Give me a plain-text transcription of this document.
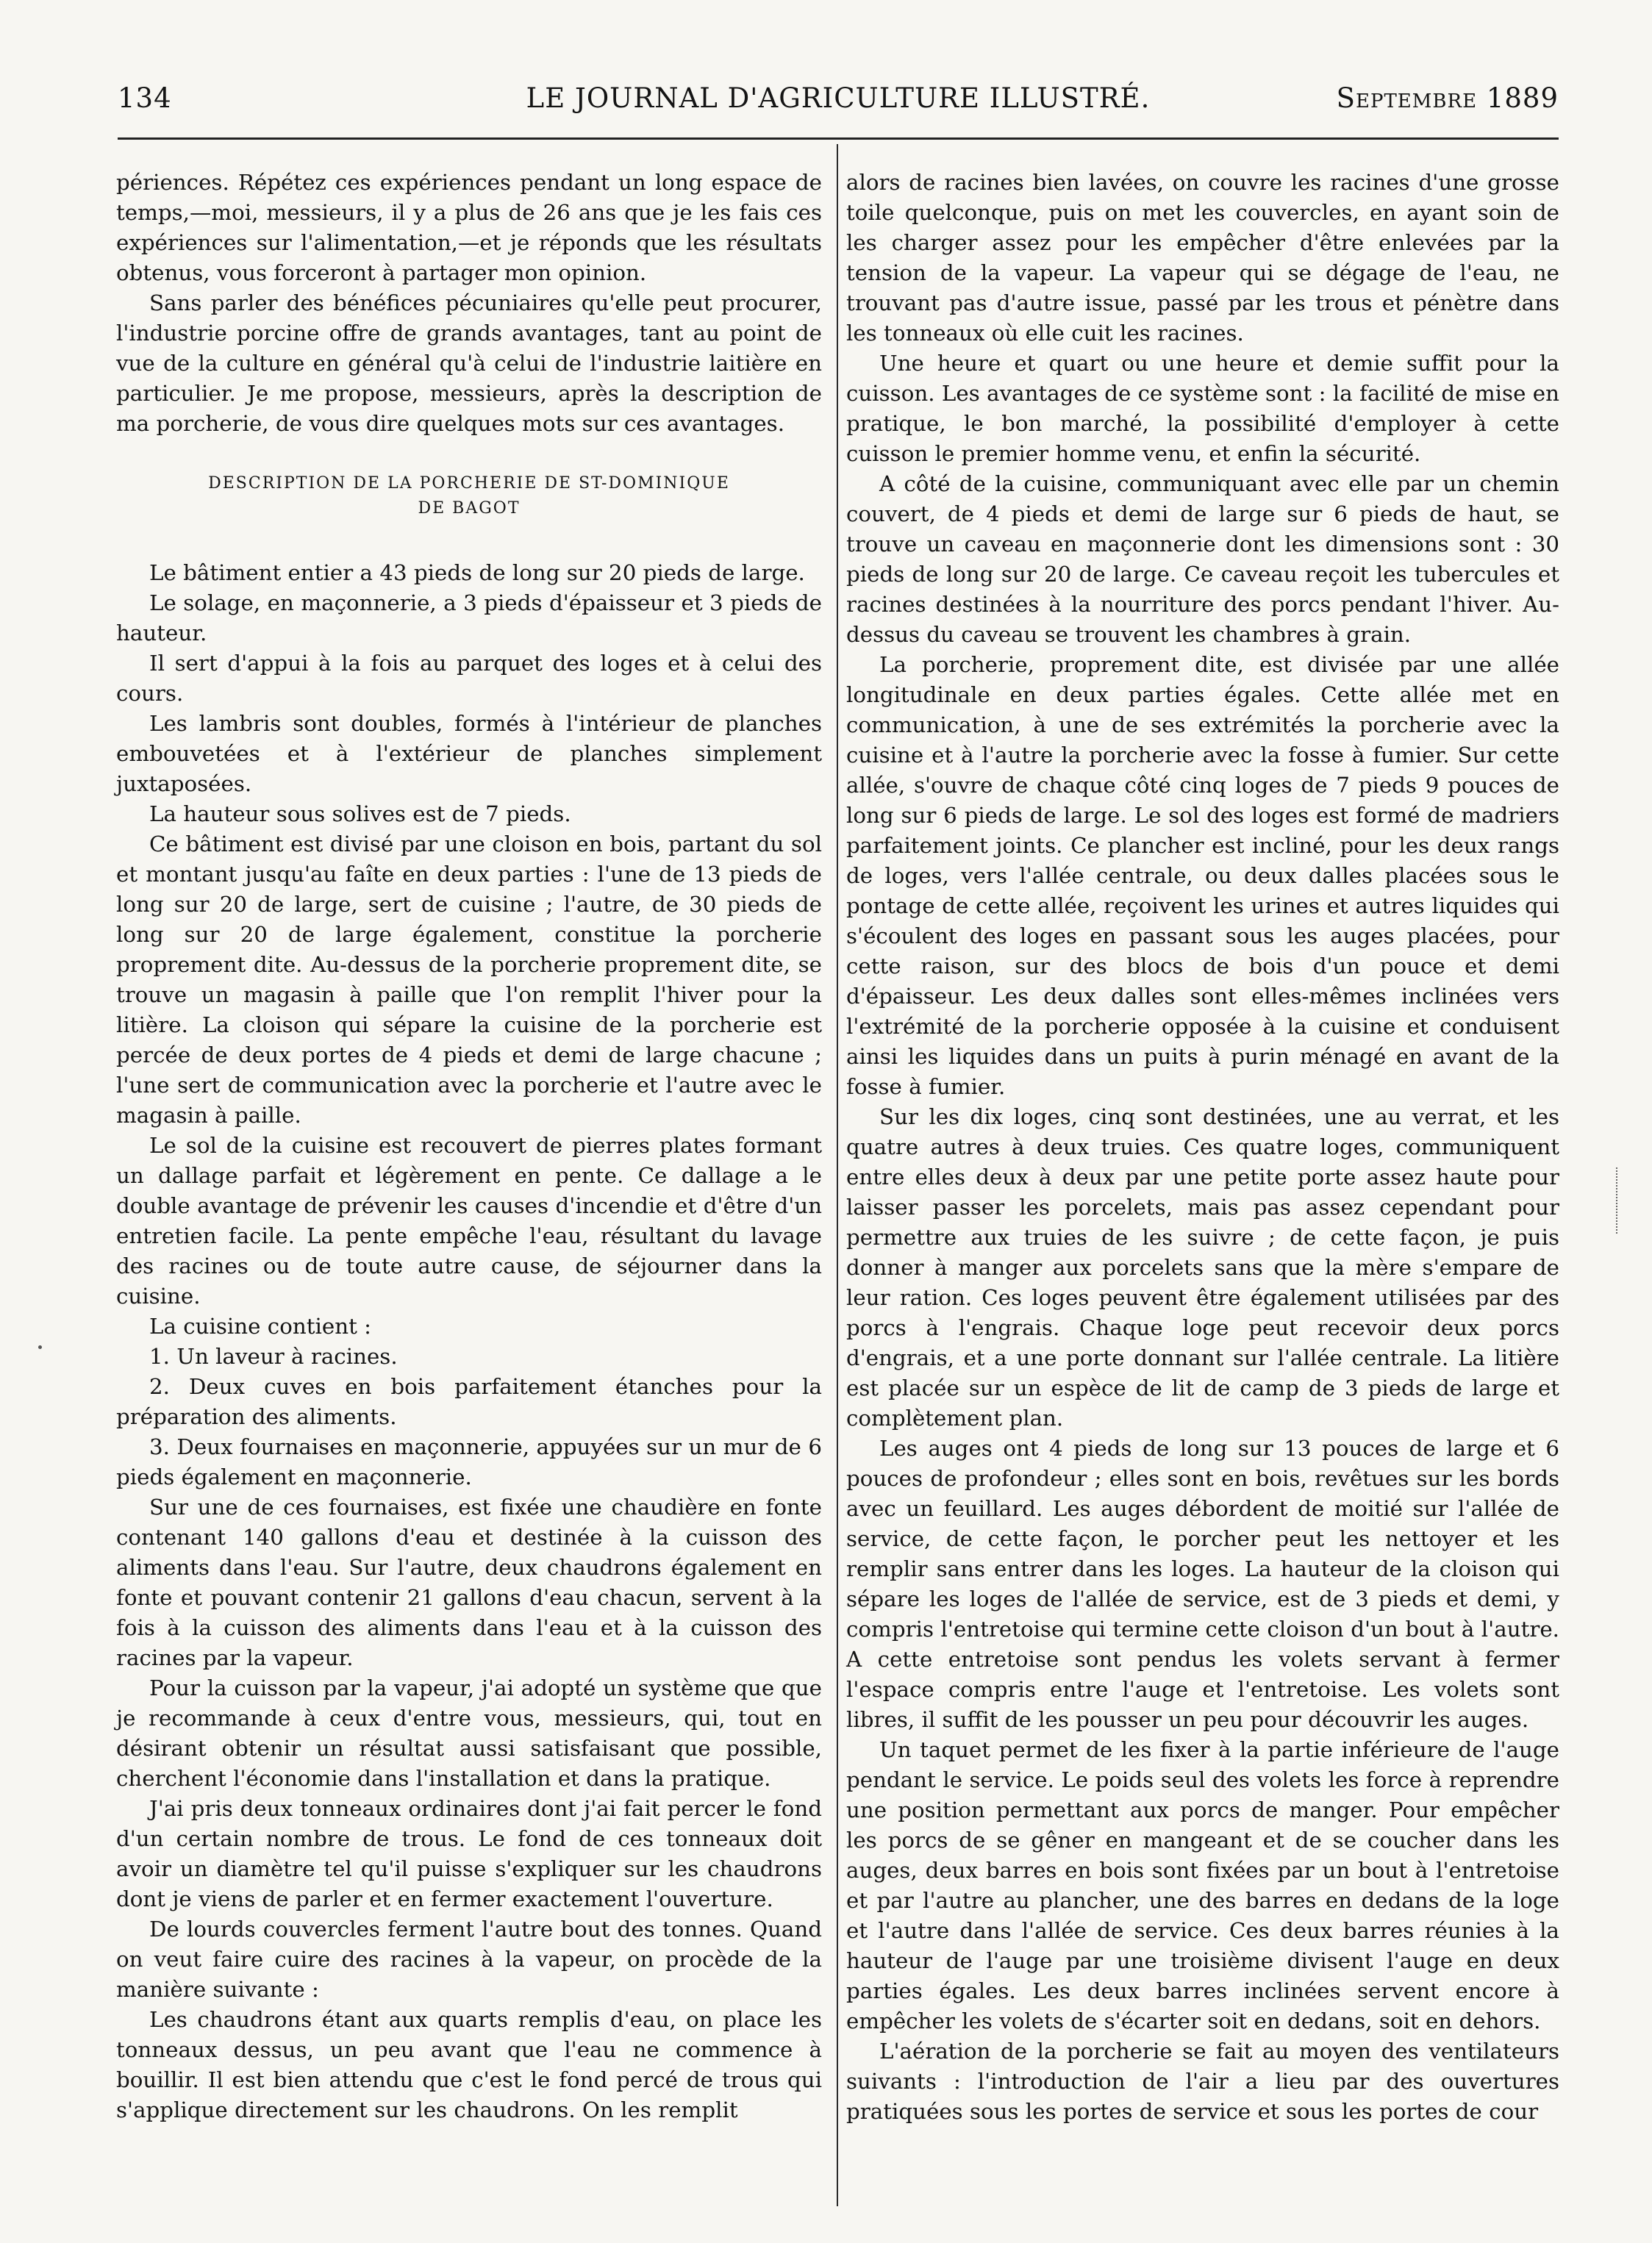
134	LE JOURNAL D'AGRICULTURE ILLUSTRÉ.	Septembre 1889

périences. Répétez ces expériences pendant un long espace de temps,—moi, messieurs, il y a plus de 26 ans que je les fais ces expériences sur l'alimentation,—et je réponds que les résultats obtenus, vous forceront à partager mon opinion.

Sans parler des bénéfices pécuniaires qu'elle peut procurer, l'industrie porcine offre de grands avantages, tant au point de vue de la culture en général qu'à celui de l'industrie laitière en particulier. Je me propose, messieurs, après la description de ma porcherie, de vous dire quelques mots sur ces avantages.

DESCRIPTION DE LA PORCHERIE DE ST-DOMINIQUE
DE BAGOT

Le bâtiment entier a 43 pieds de long sur 20 pieds de large.

Le solage, en maçonnerie, a 3 pieds d'épaisseur et 3 pieds de hauteur.

Il sert d'appui à la fois au parquet des loges et à celui des cours.

Les lambris sont doubles, formés à l'intérieur de planches embouvetées et à l'extérieur de planches simplement juxtaposées.

La hauteur sous solives est de 7 pieds.

Ce bâtiment est divisé par une cloison en bois, partant du sol et montant jusqu'au faîte en deux parties : l'une de 13 pieds de long sur 20 de large, sert de cuisine ; l'autre, de 30 pieds de long sur 20 de large également, constitue la porcherie proprement dite. Au-dessus de la porcherie proprement dite, se trouve un magasin à paille que l'on remplit l'hiver pour la litière. La cloison qui sépare la cuisine de la porcherie est percée de deux portes de 4 pieds et demi de large chacune ; l'une sert de communication avec la porcherie et l'autre avec le magasin à paille.

Le sol de la cuisine est recouvert de pierres plates formant un dallage parfait et légèrement en pente. Ce dallage a le double avantage de prévenir les causes d'incendie et d'être d'un entretien facile. La pente empêche l'eau, résultant du lavage des racines ou de toute autre cause, de séjourner dans la cuisine.

La cuisine contient :

1. Un laveur à racines.

2. Deux cuves en bois parfaitement étanches pour la préparation des aliments.

3. Deux fournaises en maçonnerie, appuyées sur un mur de 6 pieds également en maçonnerie.

Sur une de ces fournaises, est fixée une chaudière en fonte contenant 140 gallons d'eau et destinée à la cuisson des aliments dans l'eau. Sur l'autre, deux chaudrons également en fonte et pouvant contenir 21 gallons d'eau chacun, servent à la fois à la cuisson des aliments dans l'eau et à la cuisson des racines par la vapeur.

Pour la cuisson par la vapeur, j'ai adopté un système que que je recommande à ceux d'entre vous, messieurs, qui, tout en désirant obtenir un résultat aussi satisfaisant que possible, cherchent l'économie dans l'installation et dans la pratique.

J'ai pris deux tonneaux ordinaires dont j'ai fait percer le fond d'un certain nombre de trous. Le fond de ces tonneaux doit avoir un diamètre tel qu'il puisse s'expliquer sur les chaudrons dont je viens de parler et en fermer exactement l'ouverture.

De lourds couvercles ferment l'autre bout des tonnes. Quand on veut faire cuire des racines à la vapeur, on procède de la manière suivante :

Les chaudrons étant aux quarts remplis d'eau, on place les tonneaux dessus, un peu avant que l'eau ne commence à bouillir. Il est bien attendu que c'est le fond percé de trous qui s'applique directement sur les chaudrons. On les remplit

alors de racines bien lavées, on couvre les racines d'une grosse toile quelconque, puis on met les couvercles, en ayant soin de les charger assez pour les empêcher d'être enlevées par la tension de la vapeur. La vapeur qui se dégage de l'eau, ne trouvant pas d'autre issue, passé par les trous et pénètre dans les tonneaux où elle cuit les racines.

Une heure et quart ou une heure et demie suffit pour la cuisson. Les avantages de ce système sont : la facilité de mise en pratique, le bon marché, la possibilité d'employer à cette cuisson le premier homme venu, et enfin la sécurité.

A côté de la cuisine, communiquant avec elle par un chemin couvert, de 4 pieds et demi de large sur 6 pieds de haut, se trouve un caveau en maçonnerie dont les dimensions sont : 30 pieds de long sur 20 de large. Ce caveau reçoit les tubercules et racines destinées à la nourriture des porcs pendant l'hiver. Au-dessus du caveau se trouvent les chambres à grain.

La porcherie, proprement dite, est divisée par une allée longitudinale en deux parties égales. Cette allée met en communication, à une de ses extrémités la porcherie avec la cuisine et à l'autre la porcherie avec la fosse à fumier. Sur cette allée, s'ouvre de chaque côté cinq loges de 7 pieds 9 pouces de long sur 6 pieds de large. Le sol des loges est formé de madriers parfaitement joints. Ce plancher est incliné, pour les deux rangs de loges, vers l'allée centrale, ou deux dalles placées sous le pontage de cette allée, reçoivent les urines et autres liquides qui s'écoulent des loges en passant sous les auges placées, pour cette raison, sur des blocs de bois d'un pouce et demi d'épaisseur. Les deux dalles sont elles-mêmes inclinées vers l'extrémité de la porcherie opposée à la cuisine et conduisent ainsi les liquides dans un puits à purin ménagé en avant de la fosse à fumier.

Sur les dix loges, cinq sont destinées, une au verrat, et les quatre autres à deux truies. Ces quatre loges, communiquent entre elles deux à deux par une petite porte assez haute pour laisser passer les porcelets, mais pas assez cependant pour permettre aux truies de les suivre ; de cette façon, je puis donner à manger aux porcelets sans que la mère s'empare de leur ration. Ces loges peuvent être également utilisées par des porcs à l'engrais. Chaque loge peut recevoir deux porcs d'engrais, et a une porte donnant sur l'allée centrale. La litière est placée sur un espèce de lit de camp de 3 pieds de large et complètement plan.

Les auges ont 4 pieds de long sur 13 pouces de large et 6 pouces de profondeur ; elles sont en bois, revêtues sur les bords avec un feuillard. Les auges débordent de moitié sur l'allée de service, de cette façon, le porcher peut les nettoyer et les remplir sans entrer dans les loges. La hauteur de la cloison qui sépare les loges de l'allée de service, est de 3 pieds et demi, y compris l'entretoise qui termine cette cloison d'un bout à l'autre. A cette entretoise sont pendus les volets servant à fermer l'espace compris entre l'auge et l'entretoise. Les volets sont libres, il suffit de les pousser un peu pour découvrir les auges.

Un taquet permet de les fixer à la partie inférieure de l'auge pendant le service. Le poids seul des volets les force à reprendre une position permettant aux porcs de manger. Pour empêcher les porcs de se gêner en mangeant et de se coucher dans les auges, deux barres en bois sont fixées par un bout à l'entretoise et par l'autre au plancher, une des barres en dedans de la loge et l'autre dans l'allée de service. Ces deux barres réunies à la hauteur de l'auge par une troisième divisent l'auge en deux parties égales. Les deux barres inclinées servent encore à empêcher les volets de s'écarter soit en dedans, soit en dehors.

L'aération de la porcherie se fait au moyen des ventilateurs suivants : l'introduction de l'air a lieu par des ouvertures pratiquées sous les portes de service et sous les portes de cour
